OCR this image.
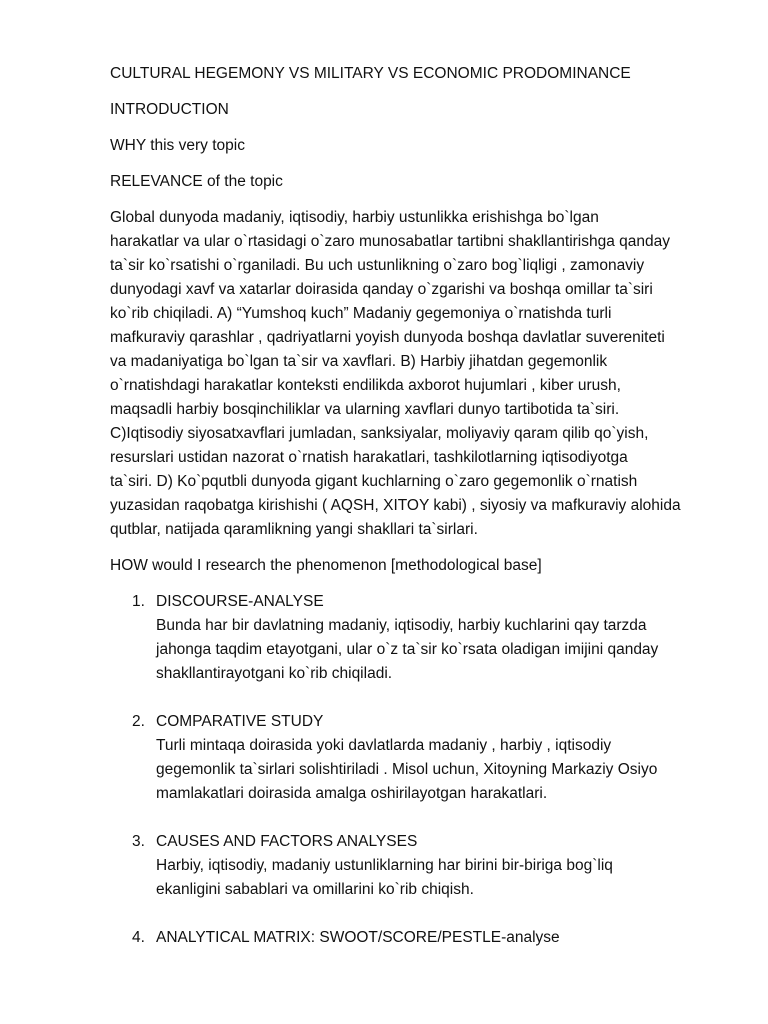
CULTURAL HEGEMONY VS MILITARY VS ECONOMIC PRODOMINANCE
INTRODUCTION
WHY this very topic
RELEVANCE of the topic
Global dunyoda madaniy, iqtisodiy, harbiy ustunlikka erishishga bo`lgan
harakatlar va ular o`rtasidagi o`zaro munosabatlar tartibni shakllantirishga qanday
ta`sir ko`rsatishi o`rganiladi. Bu uch ustunlikning o`zaro bog`liqligi , zamonaviy
dunyodagi xavf va xatarlar doirasida qanday o`zgarishi va boshqa omillar ta`siri
ko`rib chiqiladi. A) “Yumshoq kuch” Madaniy gegemoniya o`rnatishda turli
mafkuraviy qarashlar , qadriyatlarni yoyish dunyoda boshqa davlatlar suvereniteti
va madaniyatiga bo`lgan ta`sir va xavflari. B) Harbiy jihatdan gegemonlik
o`rnatishdagi harakatlar konteksti endilikda axborot hujumlari , kiber urush,
maqsadli harbiy bosqinchiliklar va ularning xavflari dunyo tartibotida ta`siri.
C)Iqtisodiy siyosatxavflari jumladan, sanksiyalar, moliyaviy qaram qilib qo`yish,
resurslari ustidan nazorat o`rnatish harakatlari, tashkilotlarning iqtisodiyotga
ta`siri. D) Ko`pqutbli dunyoda gigant kuchlarning o`zaro gegemonlik o`rnatish
yuzasidan raqobatga kirishishi ( AQSH, XITOY kabi) , siyosiy va mafkuraviy alohida
qutblar, natijada qaramlikning yangi shakllari ta`sirlari.
HOW would I research the phenomenon [methodological base]
1. DISCOURSE-ANALYSE
Bunda har bir davlatning madaniy, iqtisodiy, harbiy kuchlarini qay tarzda
jahonga taqdim etayotgani, ular o`z ta`sir ko`rsata oladigan imijini qanday
shakllantirayotgani ko`rib chiqiladi.
2. COMPARATIVE STUDY
Turli mintaqa doirasida yoki davlatlarda madaniy , harbiy , iqtisodiy
gegemonlik ta`sirlari solishtiriladi . Misol uchun, Xitoyning Markaziy Osiyo
mamlakatlari doirasida amalga oshirilayotgan harakatlari.
3. CAUSES AND FACTORS ANALYSES
Harbiy, iqtisodiy, madaniy ustunliklarning har birini bir-biriga bog`liq
ekanligini sabablari va omillarini ko`rib chiqish.
4. ANALYTICAL MATRIX: SWOOT/SCORE/PESTLE-analyse
